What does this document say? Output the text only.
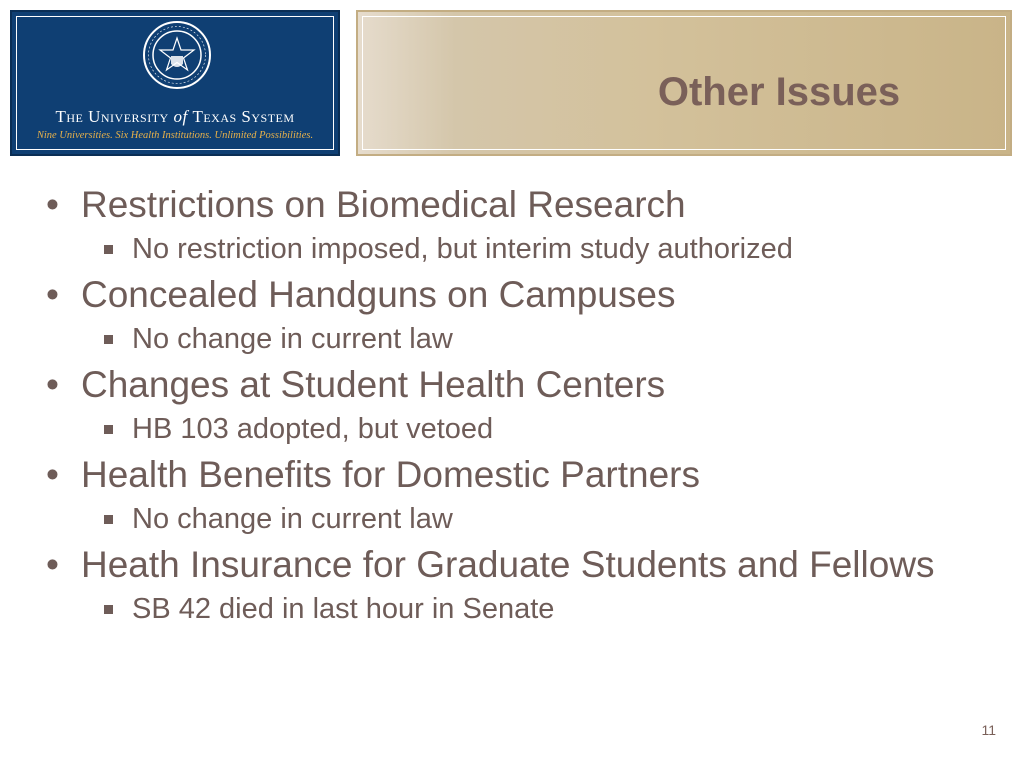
The University of Texas System
Nine Universities. Six Health Institutions. Unlimited Possibilities.
Other Issues
• Restrictions on Biomedical Research
No restriction imposed, but interim study authorized
• Concealed Handguns on Campuses
No change in current law
• Changes at Student Health Centers
HB 103 adopted, but vetoed
• Health Benefits for Domestic Partners
No change in current law
• Heath Insurance for Graduate Students and Fellows
SB 42 died in last hour in Senate
11
